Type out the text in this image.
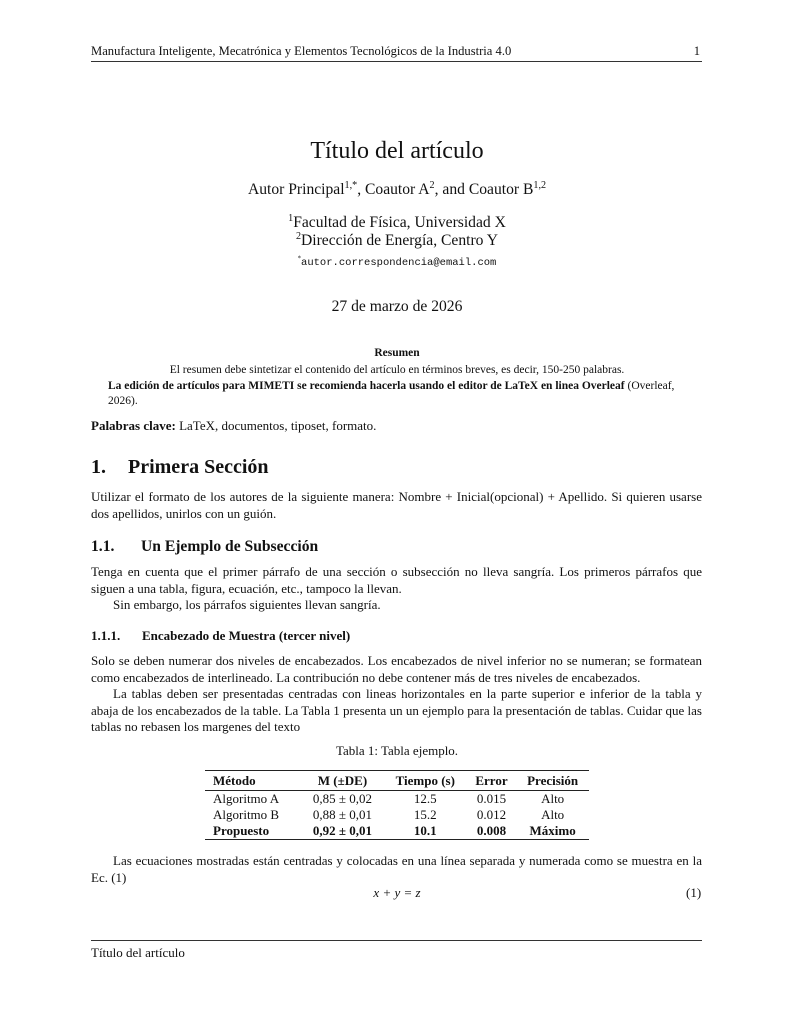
Manufactura Inteligente, Mecatrónica y Elementos Tecnológicos de la Industria 4.0	1
Título del artículo
Autor Principal$^{1,*}$, Coautor $A^2$, and Coautor B$^{1,2}$
$^1$Facultad de Física, Universidad X
$^2$Dirección de Energía, Centro Y
*autor.correspondencia@email.com
27 de marzo de 2026
Resumen
El resumen debe sintetizar el contenido del artículo en términos breves, es decir, 150-250 palabras.
La edición de artículos para MIMETI se recomienda hacerla usando el editor de LaTeX en linea Overleaf (Overleaf, 2026).
Palabras clave: LaTeX, documentos, tiposet, formato.
1. Primera Sección
Utilizar el formato de los autores de la siguiente manera: Nombre + Inicial(opcional) + Apellido. Si quieren usarse dos apellidos, unirlos con un guión.
1.1. Un Ejemplo de Subsección
Tenga en cuenta que el primer párrafo de una sección o subsección no lleva sangría. Los primeros párrafos que siguen a una tabla, figura, ecuación, etc., tampoco la llevan.
Sin embargo, los párrafos siguientes llevan sangría.
1.1.1. Encabezado de Muestra (tercer nivel)
Solo se deben numerar dos niveles de encabezados. Los encabezados de nivel inferior no se numeran; se formatean como encabezados de interlineado. La contribución no debe contener más de tres niveles de encabezados.
La tablas deben ser presentadas centradas con lineas horizontales en la parte superior e inferior de la tabla y abaja de los encabezados de la table. La Tabla 1 presenta un un ejemplo para la presentación de tablas. Cuidar que las tablas no rebasen los margenes del texto
Tabla 1: Tabla ejemplo.
Método	M (±DE)	Tiempo (s)	Error	Precisión
Algoritmo A	0,85 ± 0,02	12.5	0.015	Alto
Algoritmo B	0,88 ± 0,01	15.2	0.012	Alto
Propuesto	0,92 ± 0,01	10.1	0.008	Máximo
Las ecuaciones mostradas están centradas y colocadas en una línea separada y numerada como se muestra en la Ec. (1)
x + y = z	(1)
Título del artículo
